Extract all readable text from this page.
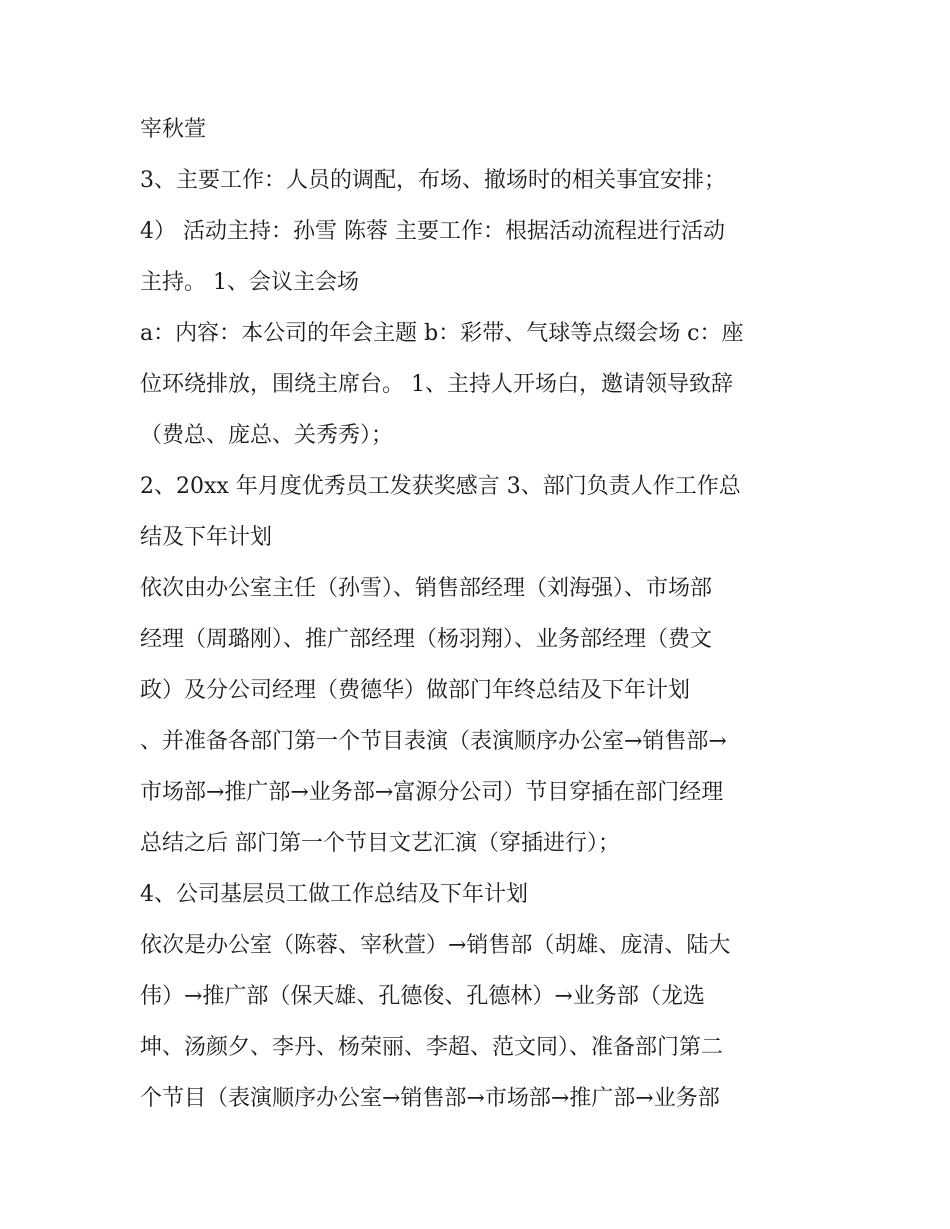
宰秋萱
3、主要工作：人员的调配，布场、撤场时的相关事宜安排；
4） 活动主持：孙雪 陈蓉 主要工作：根据活动流程进行活动
主持。 1、会议主会场
a：内容：本公司的年会主题 b：彩带、气球等点缀会场 c：座
位环绕排放，围绕主席台。 1、主持人开场白，邀请领导致辞
（费总、庞总、关秀秀）；
2、20xx 年月度优秀员工发获奖感言 3、部门负责人作工作总
结及下年计划
依次由办公室主任（孙雪）、销售部经理（刘海强）、市场部
经理（周璐刚）、推广部经理（杨羽翔）、业务部经理（费文
政）及分公司经理（费德华）做部门年终总结及下年计划
、并准备各部门第一个节目表演（表演顺序办公室→销售部→
市场部→推广部→业务部→富源分公司）节目穿插在部门经理
总结之后 部门第一个节目文艺汇演（穿插进行）；
4、公司基层员工做工作总结及下年计划
依次是办公室（陈蓉、宰秋萱）→销售部（胡雄、庞清、陆大
伟）→推广部（保天雄、孔德俊、孔德林）→业务部（龙选
坤、汤颜夕、李丹、杨荣丽、李超、范文同）、准备部门第二
个节目（表演顺序办公室→销售部→市场部→推广部→业务部
